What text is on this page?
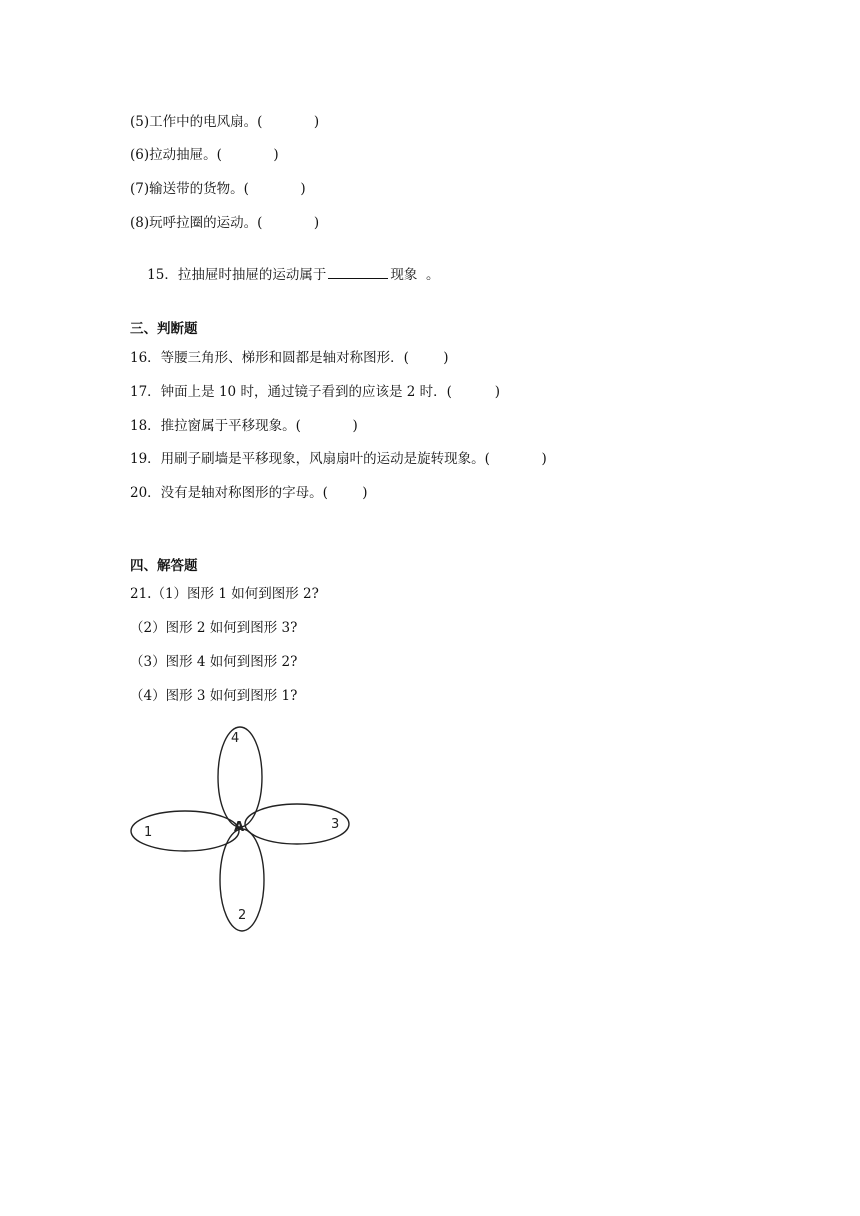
(5)工作中的电风扇。(            )
(6)拉动抽屉。(            )
(7)输送带的货物。(            )
(8)玩呼拉圈的运动。(            )

15．拉抽屉时抽屉的运动属于	现象  。

三、判断题
16．等腰三角形、梯形和圆都是轴对称图形．(        )
17．钟面上是 10 时，通过镜子看到的应该是 2 时．(          )
18．推拉窗属于平移现象。(            )
19．用刷子刷墙是平移现象，风扇扇叶的运动是旋转现象。(            )
20．没有是轴对称图形的字母。(        )
四、解答题
21.（1）图形 1 如何到图形 2?
（2）图形 2 如何到图形 3?
（3）图形 4 如何到图形 2?
（4）图形 3 如何到图形 1?
4
1
3
2
A
